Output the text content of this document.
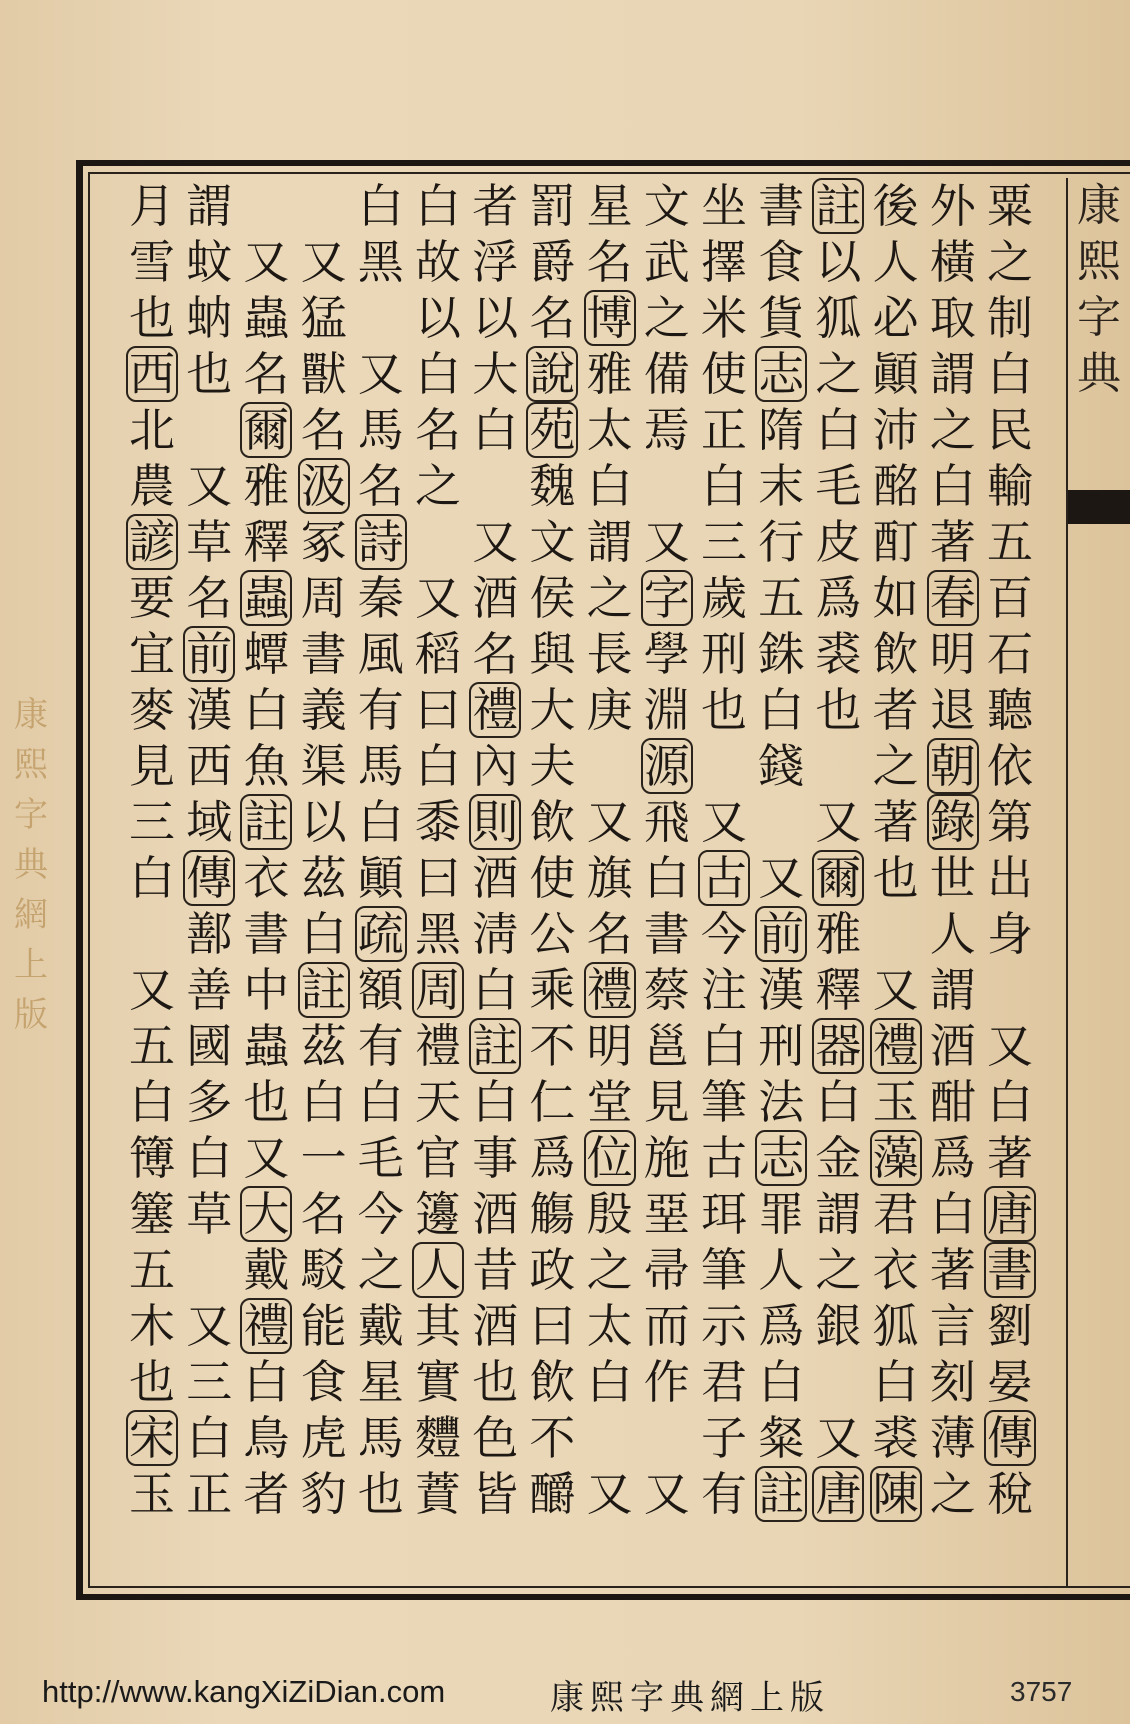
粟
之
制
白
民
輸
五
百
石
聽
依
第
出
身
又
白
著
唐
書
劉
晏
傳
稅
外
橫
取
謂
之
白
著
春
明
退
朝
錄
世
人
謂
酒
酣
爲
白
著
言
刻
薄
之
後
人
必
顚
沛
酩
酊
如
飲
者
之
著
也
又
禮
玉
藻
君
衣
狐
白
裘
陳
註
以
狐
之
白
毛
皮
爲
裘
也
又
爾
雅
釋
器
白
金
謂
之
銀
又
唐
書
食
貨
志
隋
末
行
五
銖
白
錢
又
前
漢
刑
法
志
罪
人
爲
白
粲
註
坐
擇
米
使
正
白
三
歲
刑
也
又
古
今
注
白
筆
古
珥
筆
示
君
子
有
文
武
之
備
焉
又
字
學
淵
源
飛
白
書
蔡
邕
見
施
堊
帚
而
作
又
星
名
博
雅
太
白
謂
之
長
庚
又
旗
名
禮
明
堂
位
殷
之
太
白
又
罰
爵
名
說
苑
魏
文
侯
與
大
夫
飲
使
公
乘
不
仁
爲
觴
政
曰
飲
不
釂
者
浮
以
大
白
又
酒
名
禮
內
則
酒
淸
白
註
白
事
酒
昔
酒
也
色
皆
白
故
以
白
名
之
又
稻
曰
白
黍
曰
黑
周
禮
天
官
籩
人
其
實
麷
蕡
白
黑
又
馬
名
詩
秦
風
有
馬
白
顚
疏
額
有
白
毛
今
之
戴
星
馬
也
又
猛
獸
名
汲
冢
周
書
義
渠
以
茲
白
註
茲
白
一
名
駁
能
食
虎
豹
又
蟲
名
爾
雅
釋
蟲
蟫
白
魚
註
衣
書
中
蟲
也
又
大
戴
禮
白
鳥
者
謂
蚊
蚋
也
又
草
名
前
漢
西
域
傳
鄯
善
國
多
白
草
又
三
白
正
月
雪
也
西
北
農
諺
要
宜
麥
見
三
白
又
五
白
簙
簺
五
木
也
宋
玉
康
熙
字
典
康
熙
字
典
網
上
版
http://www.kangXiZiDian.com	康熙字典網上版	3757
